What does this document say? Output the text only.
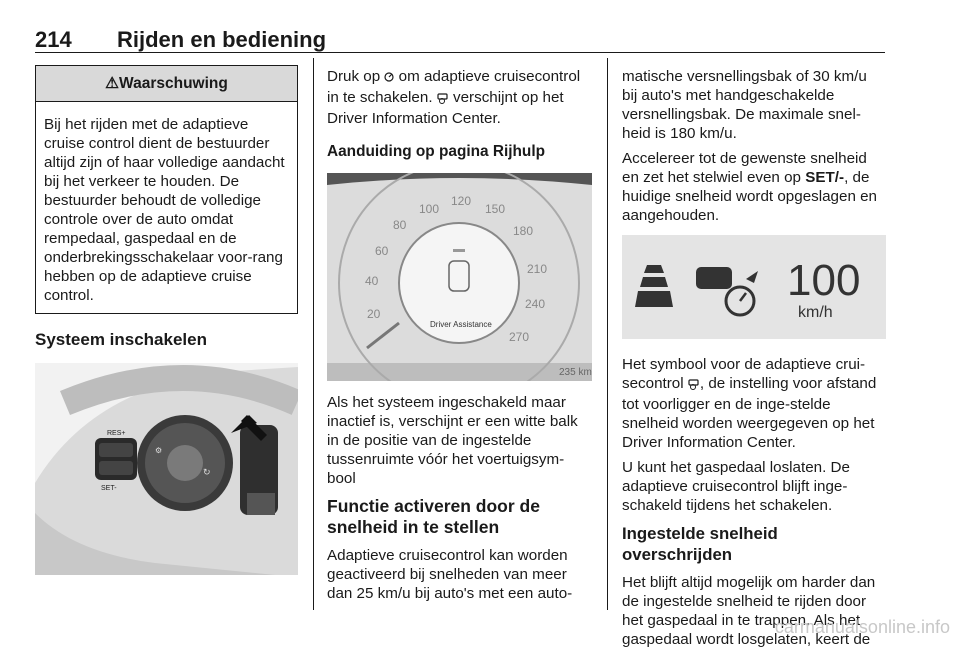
214 Rijden en bediening
⚠Waarschuwing
Bij het rijden met de adaptieve cruise control dient de bestuurder altijd zijn of haar volledige aandacht bij het verkeer te houden. De bestuurder behoudt de volledige controle over de auto omdat rempedaal, gaspedaal en de onderbrekingsschakelaar voor-rang hebben op de adaptieve cruise control.
Systeem inschakelen
RES+
SET-
⚙
↻

Druk op om adaptieve cruisecontrol in te schakelen. verschijnt op het Driver Information Center.

Aanduiding op pagina Rijhulp
20
40
60
80
100
120
150
180
210
240
270
Driver Assistance
235 km

Als het systeem ingeschakeld maar inactief is, verschijnt er een witte balk in de positie van de ingestelde tussenruimte vóór het voertuigsym-bool

Functie activeren door de snelheid in te stellen

Adaptieve cruisecontrol kan worden geactiveerd bij snelheden van meer dan 25 km/u bij auto's met een auto-

matische versnellingsbak of 30 km/u bij auto's met handgeschakelde versnellingsbak. De maximale snel-heid is 180 km/u.

Accelereer tot de gewenste snelheid en zet het stelwiel even op SET/-, de huidige snelheid wordt opgeslagen en aangehouden.

100
km/h

Het symbool voor de adaptieve crui-secontrol , de instelling voor afstand tot voorligger en de inge-stelde snelheid worden weergegeven op het Driver Information Center.

U kunt het gaspedaal loslaten. De adaptieve cruisecontrol blijft inge-schakeld tijdens het schakelen.

Ingestelde snelheid overschrijden

Het blijft altijd mogelijk om harder dan de ingestelde snelheid te rijden door het gaspedaal in te trappen. Als het gaspedaal wordt losgelaten, keert de

carmanualsonline.info
